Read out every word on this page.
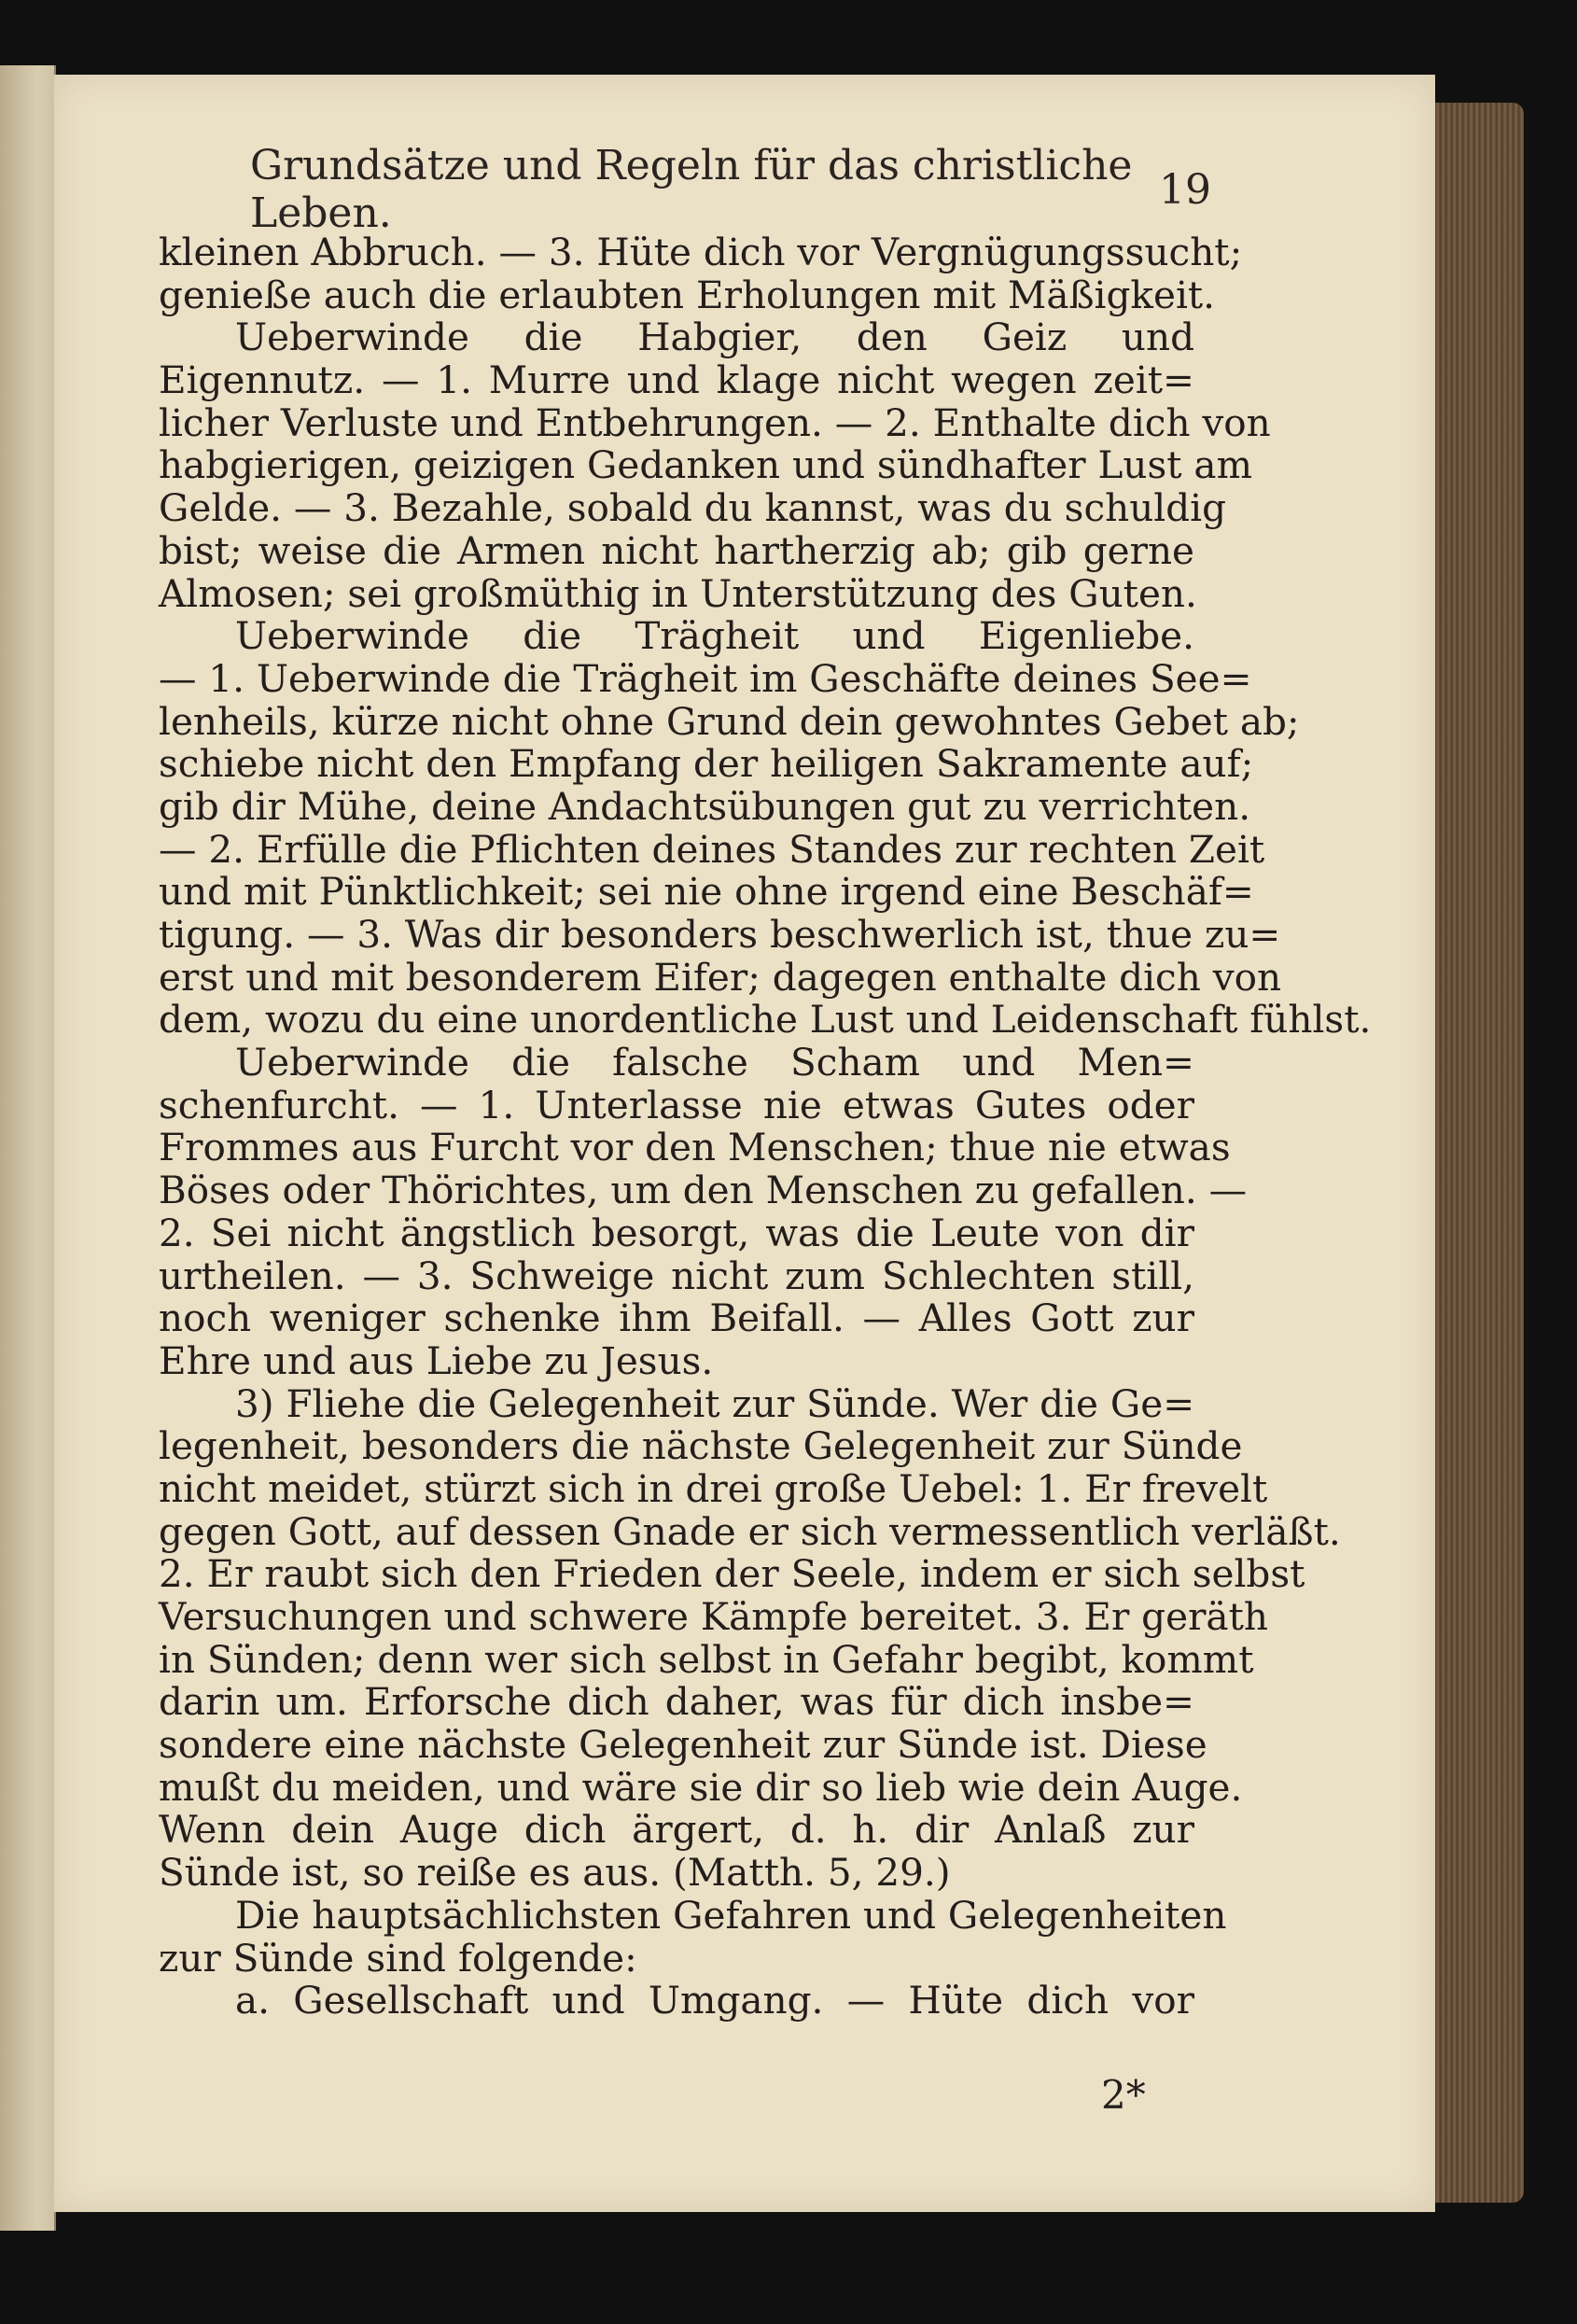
Grundsätze und Regeln für das christliche Leben.	19
kleinen Abbruch. — 3. Hüte dich vor Vergnügungssucht;
genieße auch die erlaubten Erholungen mit Mäßigkeit.
Ueberwinde die Habgier, den Geiz und
Eigennutz. — 1. Murre und klage nicht wegen zeit=
licher Verluste und Entbehrungen. — 2. Enthalte dich von
habgierigen, geizigen Gedanken und sündhafter Lust am
Gelde. — 3. Bezahle, sobald du kannst, was du schuldig
bist; weise die Armen nicht hartherzig ab; gib gerne
Almosen; sei großmüthig in Unterstützung des Guten.
Ueberwinde die Trägheit und Eigenliebe.
— 1. Ueberwinde die Trägheit im Geschäfte deines See=
lenheils, kürze nicht ohne Grund dein gewohntes Gebet ab;
schiebe nicht den Empfang der heiligen Sakramente auf;
gib dir Mühe, deine Andachtsübungen gut zu verrichten.
— 2. Erfülle die Pflichten deines Standes zur rechten Zeit
und mit Pünktlichkeit; sei nie ohne irgend eine Beschäf=
tigung. — 3. Was dir besonders beschwerlich ist, thue zu=
erst und mit besonderem Eifer; dagegen enthalte dich von
dem, wozu du eine unordentliche Lust und Leidenschaft fühlst.
Ueberwinde die falsche Scham und Men=
schenfurcht. — 1. Unterlasse nie etwas Gutes oder
Frommes aus Furcht vor den Menschen; thue nie etwas
Böses oder Thörichtes, um den Menschen zu gefallen. —
2. Sei nicht ängstlich besorgt, was die Leute von dir
urtheilen. — 3. Schweige nicht zum Schlechten still,
noch weniger schenke ihm Beifall. — Alles Gott zur
Ehre und aus Liebe zu Jesus.
3) Fliehe die Gelegenheit zur Sünde. Wer die Ge=
legenheit, besonders die nächste Gelegenheit zur Sünde
nicht meidet, stürzt sich in drei große Uebel: 1. Er frevelt
gegen Gott, auf dessen Gnade er sich vermessentlich verläßt.
2. Er raubt sich den Frieden der Seele, indem er sich selbst
Versuchungen und schwere Kämpfe bereitet. 3. Er geräth
in Sünden; denn wer sich selbst in Gefahr begibt, kommt
darin um. Erforsche dich daher, was für dich insbe=
sondere eine nächste Gelegenheit zur Sünde ist. Diese
mußt du meiden, und wäre sie dir so lieb wie dein Auge.
Wenn dein Auge dich ärgert, d. h. dir Anlaß zur
Sünde ist, so reiße es aus. (Matth. 5, 29.)
Die hauptsächlichsten Gefahren und Gelegenheiten
zur Sünde sind folgende:
a. Gesellschaft und Umgang. — Hüte dich vor
2*
